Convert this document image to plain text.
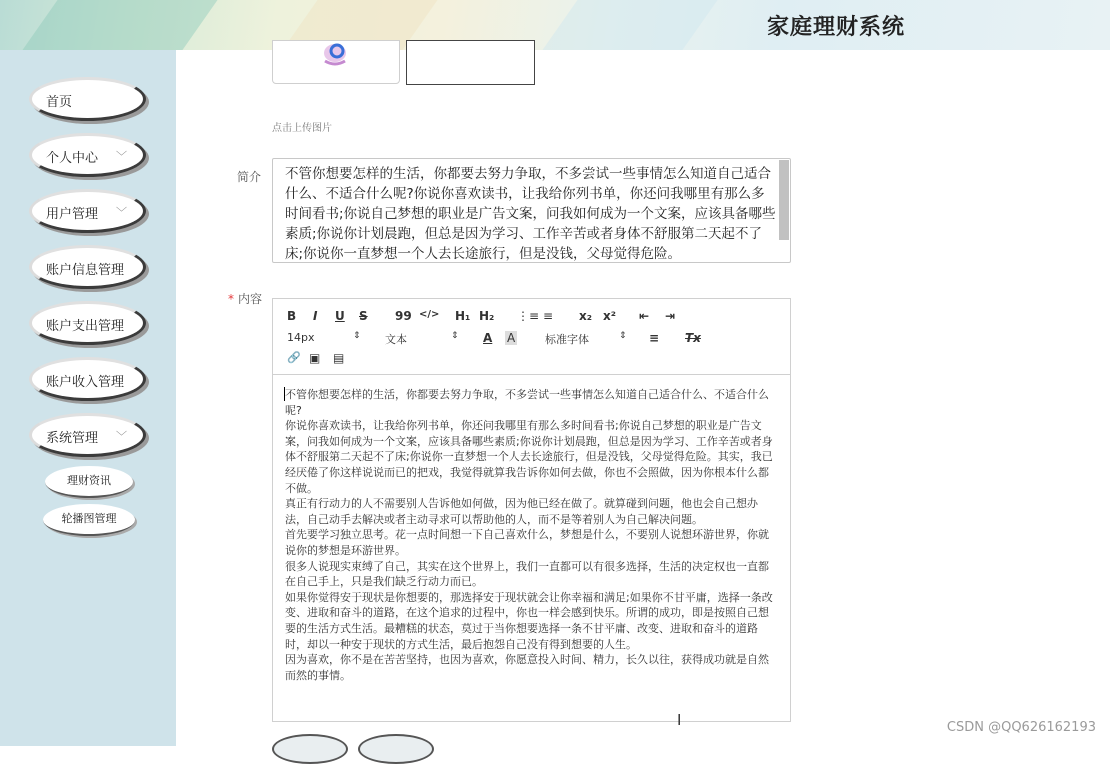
家庭理财系统
首页
个人中心 ﹀
用户管理 ﹀
账户信息管理
账户支出管理
账户收入管理
系统管理 ﹀
理财资讯
轮播图管理
点击上传图片
简介	不管你想要怎样的生活，你都要去努力争取，不多尝试一些事情怎么知道自己适合什么、不适合什么呢?你说你喜欢读书，让我给你列书单，你还问我哪里有那么多时间看书;你说自己梦想的职业是广告文案，问我如何成为一个文案，应该具备哪些素质;你说你计划晨跑，但总是因为学习、工作辛苦或者身体不舒服第二天起不了床;你说你一直梦想一个人去长途旅行，但是没钱，父母觉得危险。
* 内容
B I U S 99 </> H₁ H₂ ⋮≡ ≡ x₂ x² ⇤ ⇥
14px	⇕ 文本	⇕ A A	标准字体	⇕ ≡ Tx
🔗 ▣ ▤

不管你想要怎样的生活，你都要去努力争取，不多尝试一些事情怎么知道自己适合什么、不适合什么呢?

你说你喜欢读书，让我给你列书单，你还问我哪里有那么多时间看书;你说自己梦想的职业是广告文案，问我如何成为一个文案，应该具备哪些素质;你说你计划晨跑，但总是因为学习、工作辛苦或者身体不舒服第二天起不了床;你说你一直梦想一个人去长途旅行，但是没钱，父母觉得危险。其实，我已经厌倦了你这样说说而已的把戏，我觉得就算我告诉你如何去做，你也不会照做，因为你根本什么都不做。

真正有行动力的人不需要别人告诉他如何做，因为他已经在做了。就算碰到问题，他也会自己想办法，自己动手去解决或者主动寻求可以帮助他的人，而不是等着别人为自己解决问题。

首先要学习独立思考。花一点时间想一下自己喜欢什么，梦想是什么，不要别人说想环游世界，你就说你的梦想是环游世界。

很多人说现实束缚了自己，其实在这个世界上，我们一直都可以有很多选择，生活的决定权也一直都在自己手上，只是我们缺乏行动力而已。

如果你觉得安于现状是你想要的，那选择安于现状就会让你幸福和满足;如果你不甘平庸，选择一条改变、进取和奋斗的道路，在这个追求的过程中，你也一样会感到快乐。所谓的成功，即是按照自己想要的生活方式生活。最糟糕的状态，莫过于当你想要选择一条不甘平庸、改变、进取和奋斗的道路时，却以一种安于现状的方式生活，最后抱怨自己没有得到想要的人生。

因为喜欢，你不是在苦苦坚持，也因为喜欢，你愿意投入时间、精力，长久以往，获得成功就是自然而然的事情。

I	CSDN @QQ626162193
